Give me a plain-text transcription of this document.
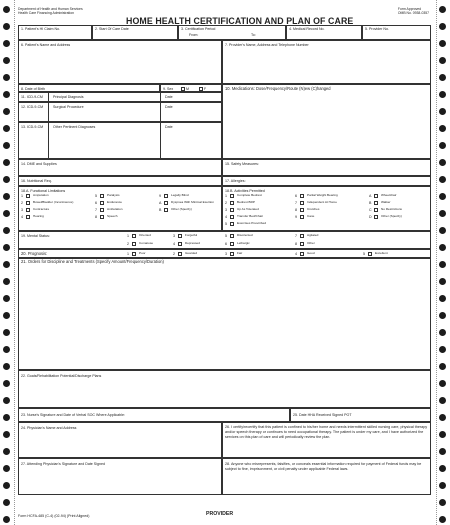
Department of Health and Human Services
Health Care Financing Administration
Form Approved
OMB No. 0938-0357
HOME HEALTH CERTIFICATION AND PLAN OF CARE
1. Patient's HI Claim No.	2. Start Of Care Date	3. Certification Period
From:	To:
4. Medical Record No.	5. Provider No.
6. Patient's Name and Address	7. Provider's Name, Address and Telephone Number
8. Date of Birth	9. Sex	M	F	10. Medications: Dose/Frequency/Route (N)ew (C)hanged
11. ICD-9-CM	Principal Diagnosis	Date
12. ICD-9-CM	Surgical Procedure	Date
13. ICD-9-CM	Other Pertinent Diagnoses	Date
14. DME and Supplies	15. Safety Measures:
16. Nutritional Req.	17. Allergies:
18.A. Functional Limitations
1	Amputation
2	Bowel/Bladder (Incontinence)
3	Contracture
4	Hearing
5	Paralysis
6	Endurance
7	Ambulation
8	Speech
9	Legally Blind
A	Dyspnea With Minimal Exertion
B	Other (Specify)
18.B. Activities Permitted
1	Complete Bedrest
2	Bedrest BRP
3	Up As Tolerated
4	Transfer Bed/Chair
5	Exercises Prescribed
6	Partial Weight Bearing
7	Independent At Home
8	Crutches
9	Cane
A	Wheelchair
B	Walker
C	No Restrictions
D	Other (Specify)
19. Mental Status:	1	Oriented
2	Comatose
3	Forgetful
4	Depressed
5	Disoriented
6	Lethargic
7	Agitated
8	Other
20. Prognosis:	1	Poor	2	Guarded	3	Fair	4	Good	5	Excellent
21. Orders for Discipline and Treatments (Specify Amount/Frequency/Duration)
22. Goals/Rehabilitation Potential/Discharge Plans
23. Nurse's Signature and Date of Verbal SOC Where Applicable:	25. Date HHA Received Signed POT
24. Physician's Name and Address	26. I certify/recertify that this patient is confined to his/her home and needs intermittent skilled nursing care, physical therapy and/or speech therapy or continues to need occupational therapy. The patient is under my care, and I have authorized the services on this plan of care and will periodically review the plan.
27. Attending Physician's Signature and Date Signed	28. Anyone who misrepresents, falsifies, or conceals essential information required for payment of Federal funds may be subject to fine, imprisonment, or civil penalty under applicable Federal laws.
Form HCFA-485 (C-4) (02-94) (Print Aligned)	PROVIDER
